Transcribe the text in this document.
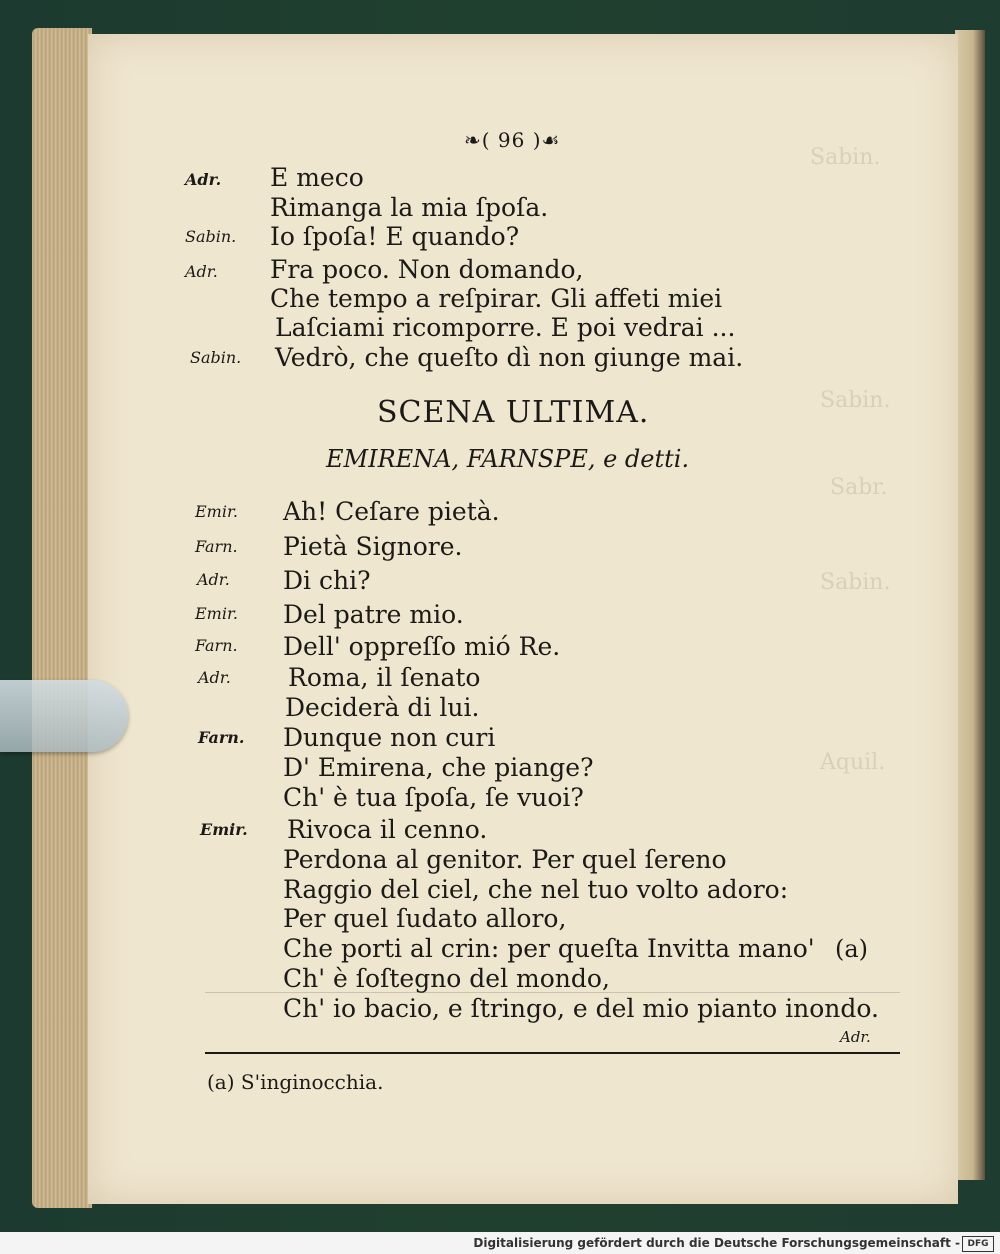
Sabin.
Sabin.
Sabr.
Sabin.
Aquil.
❧( 96 )☙
Adr. E meco
Rimanga la mia ſpoſa.
Sabin. Io ſpoſa! E quando?
Adr. Fra poco. Non domando,
Che tempo a reſpirar. Gli affeti miei
Laſciami ricomporre. E poi vedrai ...
Sabin. Vedrò, che queſto dì non giunge mai.
SCENA ULTIMA.
EMIRENA, FARNSPE, e detti.
Emir. Ah! Ceſare pietà.
Farn. Pietà Signore.
Adr. Di chi?
Emir. Del patre mio.
Farn. Dell' oppreſſo mió Re.
Adr. Roma, il ſenato
Deciderà di lui.
Farn. Dunque non curi
D' Emirena, che piange?
Ch' è tua ſpoſa, ſe vuoi?
Emir. Rivoca il cenno.
Perdona al genitor. Per quel ſereno
Raggio del ciel, che nel tuo volto adoro:
Per quel ſudato alloro,
Che porti al crin: per queſta Invitta mano'
Ch' è ſoſtegno del mondo,
Ch' io bacio, e ſtringo, e del mio pianto inondo.
(a)
Adr.
(a) S'inginocchia.
Digitalisierung gefördert durch die Deutsche Forschungsgemeinschaft - DFG
